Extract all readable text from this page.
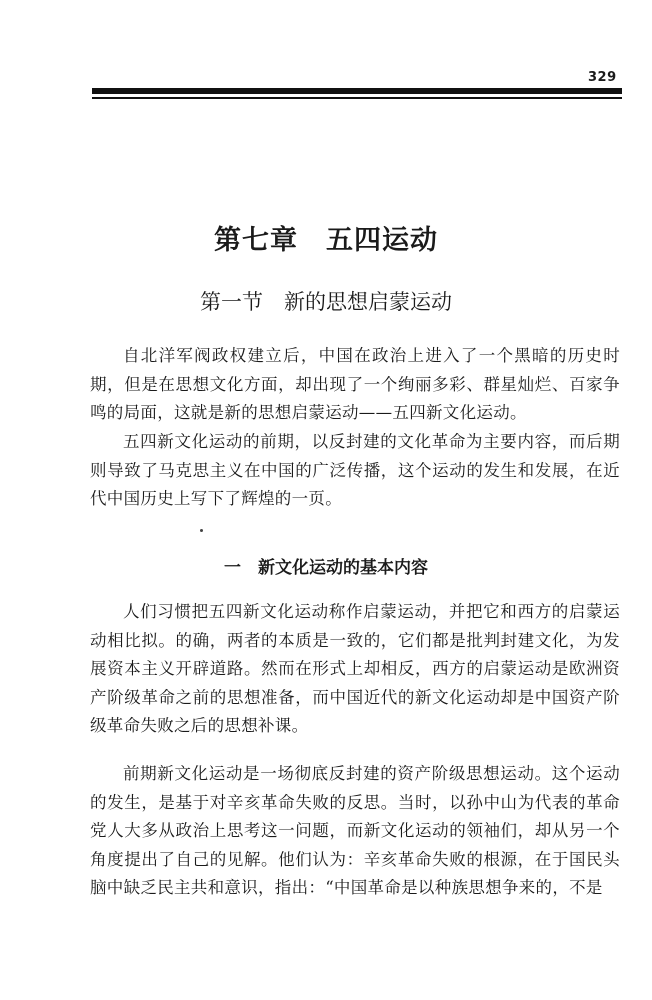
329
第七章　五四运动
第一节　新的思想启蒙运动

自北洋军阀政权建立后，中国在政治上进入了一个黑暗的历史时期，但是在思想文化方面，却出现了一个绚丽多彩、群星灿烂、百家争鸣的局面，这就是新的思想启蒙运动——五四新文化运动。

五四新文化运动的前期，以反封建的文化革命为主要内容，而后期则导致了马克思主义在中国的广泛传播，这个运动的发生和发展，在近代中国历史上写下了辉煌的一页。

一　新文化运动的基本内容

人们习惯把五四新文化运动称作启蒙运动，并把它和西方的启蒙运动相比拟。的确，两者的本质是一致的，它们都是批判封建文化，为发展资本主义开辟道路。然而在形式上却相反，西方的启蒙运动是欧洲资产阶级革命之前的思想准备，而中国近代的新文化运动却是中国资产阶级革命失败之后的思想补课。

前期新文化运动是一场彻底反封建的资产阶级思想运动。这个运动的发生，是基于对辛亥革命失败的反思。当时，以孙中山为代表的革命党人大多从政治上思考这一问题，而新文化运动的领袖们，却从另一个角度提出了自己的见解。他们认为：辛亥革命失败的根源，在于国民头脑中缺乏民主共和意识，指出：“中国革命是以种族思想争来的，不是
